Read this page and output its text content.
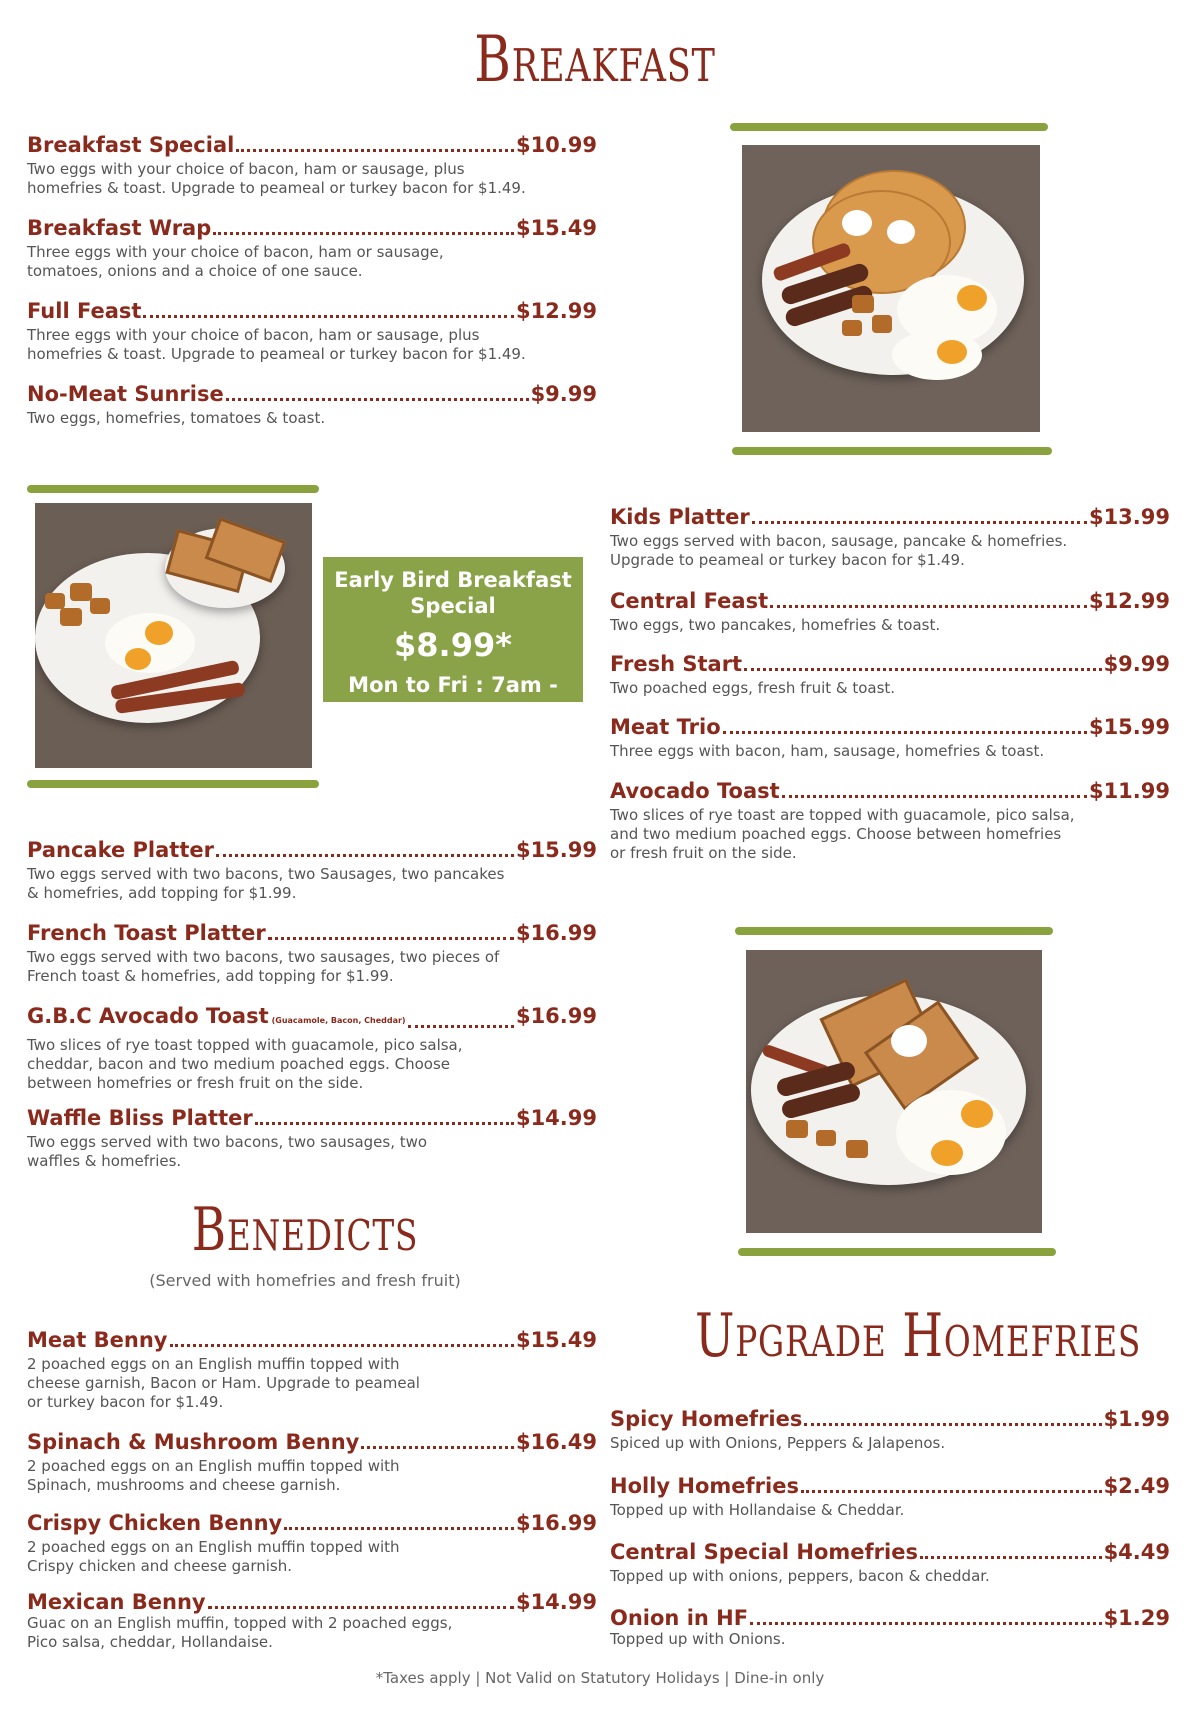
Breakfast
Breakfast Special	$10.99
Two eggs with your choice of bacon, ham or sausage, plus
homefries & toast. Upgrade to peameal or turkey bacon for $1.49.
Breakfast Wrap	$15.49
Three eggs with your choice of bacon, ham or sausage,
tomatoes, onions and a choice of one sauce.
Full Feast	$12.99
Three eggs with your choice of bacon, ham or sausage, plus
homefries & toast. Upgrade to peameal or turkey bacon for $1.49.
No-Meat Sunrise	$9.99
Two eggs, homefries, tomatoes & toast.
Early Bird Breakfast
Special
$8.99*
Mon to Fri : 7am - 9am
Kids Platter	$13.99
Two eggs served with bacon, sausage, pancake & homefries.
Upgrade to peameal or turkey bacon for $1.49.
Central Feast	$12.99
Two eggs, two pancakes, homefries & toast.
Fresh Start	$9.99
Two poached eggs, fresh fruit & toast.
Meat Trio	$15.99
Three eggs with bacon, ham, sausage, homefries & toast.
Avocado Toast	$11.99
Two slices of rye toast are topped with guacamole, pico salsa,
and two medium poached eggs. Choose between homefries
or fresh fruit on the side.
Pancake Platter	$15.99
Two eggs served with two bacons, two Sausages, two pancakes
& homefries, add topping for $1.99.
French Toast Platter	$16.99
Two eggs served with two bacons, two sausages, two pieces of
French toast & homefries, add topping for $1.99.
G.B.C Avocado Toast (Guacamole, Bacon, Cheddar)	$16.99
Two slices of rye toast topped with guacamole, pico salsa,
cheddar, bacon and two medium poached eggs. Choose
between homefries or fresh fruit on the side.
Waffle Bliss Platter	$14.99
Two eggs served with two bacons, two sausages, two
waffles & homefries.
Benedicts
(Served with homefries and fresh fruit)
Meat Benny	$15.49
2 poached eggs on an English muffin topped with
cheese garnish, Bacon or Ham. Upgrade to peameal
or turkey bacon for $1.49.
Spinach & Mushroom Benny	$16.49
2 poached eggs on an English muffin topped with
Spinach, mushrooms and cheese garnish.
Crispy Chicken Benny	$16.99
2 poached eggs on an English muffin topped with
Crispy chicken and cheese garnish.
Mexican Benny	$14.99
Guac on an English muffin, topped with 2 poached eggs,
Pico salsa, cheddar, Hollandaise.
Upgrade Homefries
Spicy Homefries	$1.99
Spiced up with Onions, Peppers & Jalapenos.
Holly Homefries	$2.49
Topped up with Hollandaise & Cheddar.
Central Special Homefries	$4.49
Topped up with onions, peppers, bacon & cheddar.
Onion in HF	$1.29
Topped up with Onions.
*Taxes apply | Not Valid on Statutory Holidays | Dine-in only
